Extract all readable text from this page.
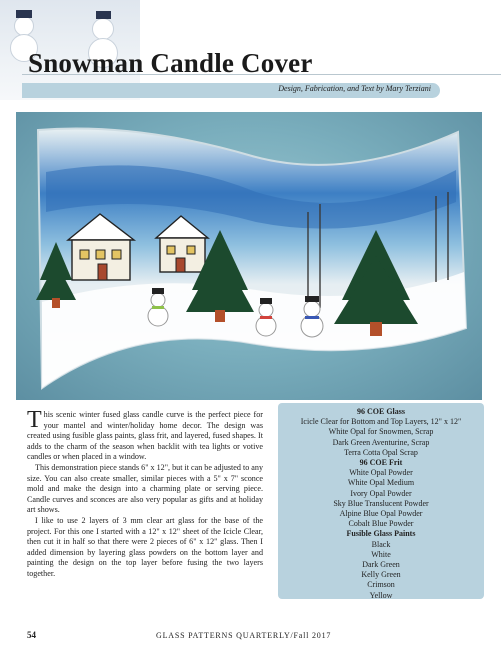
Snowman Candle Cover
Design, Fabrication, and Text by Mary Terziani

This scenic winter fused glass candle curve is the perfect piece for your mantel and winter/holiday home decor. The design was created using fusible glass paints, glass frit, and layered, fused shapes. It adds to the charm of the season when backlit with tea lights or votive candles or when placed in a window.

This demonstration piece stands 6" x 12", but it can be adjusted to any size. You can also create smaller, similar pieces with a 5" x 7" sconce mold and make the design into a charming plate or serving piece. Candle curves and sconces are also very popular as gifts and at holiday art shows.

I like to use 2 layers of 3 mm clear art glass for the base of the project. For this one I started with a 12" x 12" sheet of the Icicle Clear, then cut it in half so that there were 2 pieces of 6" x 12" glass. Then I added dimension by layering glass powders on the bottom layer and painting the design on the top layer before fusing the two layers together.

96 COE Glass
Icicle Clear for Bottom and Top Layers, 12" x 12"
White Opal for Snowmen, Scrap
Dark Green Aventurine, Scrap
Terra Cotta Opal Scrap
96 COE Frit
White Opal Powder
White Opal Medium
Ivory Opal Powder
Sky Blue Translucent Powder
Alpine Blue Opal Powder
Cobalt Blue Powder
Fusible Glass Paints
Black
White
Dark Green
Kelly Green
Crimson
Yellow
54	GLASS PATTERNS QUARTERLY/Fall 2017
